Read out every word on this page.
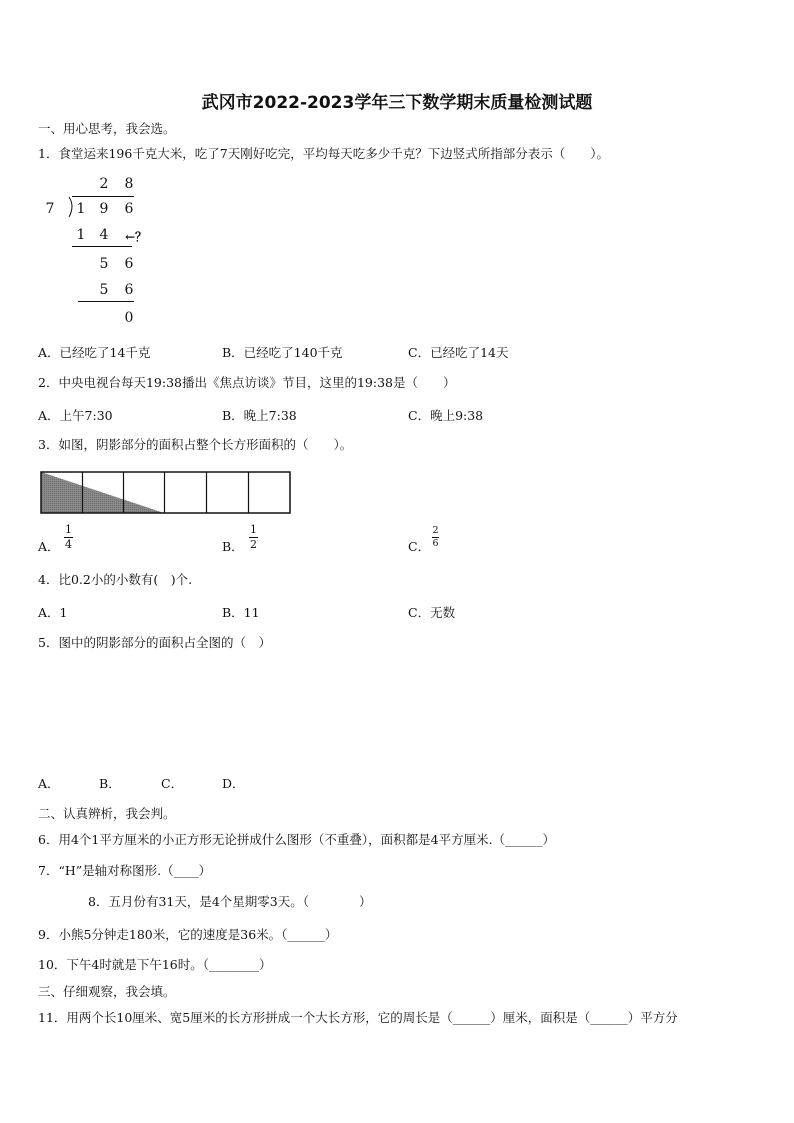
武冈市2022-2023学年三下数学期末质量检测试题
一、用心思考，我会选。
1．食堂运来196千克大米，吃了7天刚好吃完，平均每天吃多少千克？下边竖式所指部分表示（　　）。
2 8
7 1 9 6
1 4 ←？
5 6
5 6
0
A．已经吃了14千克	B．已经吃了140千克	C．已经吃了14天
2．中央电视台每天19:38播出《焦点访谈》节目，这里的19:38是（　　）
A．上午7:30	B．晚上7:38	C．晚上9:38
3．如图，阴影部分的面积占整个长方形面积的（　　）。
A．
1
4	B．
1
2	C．
2
6
4．比0.2小的小数有(　)个.
A．1	B．11	C．无数
5．图中的阴影部分的面积占全图的（　）
A．	B．	C．	D．
二、认真辨析，我会判。
6．用4个1平方厘米的小正方形无论拼成什么图形（不重叠），面积都是4平方厘米.（______）
7．“H”是轴对称图形.（____）
8．五月份有31天，是4个星期零3天。（　　　　）
9．小熊5分钟走180米，它的速度是36米。（______）
10．下午4时就是下午16时。（________）
三、仔细观察，我会填。
11．用两个长10厘米、宽5厘米的长方形拼成一个大长方形，它的周长是（______）厘米，面积是（______）平方分
